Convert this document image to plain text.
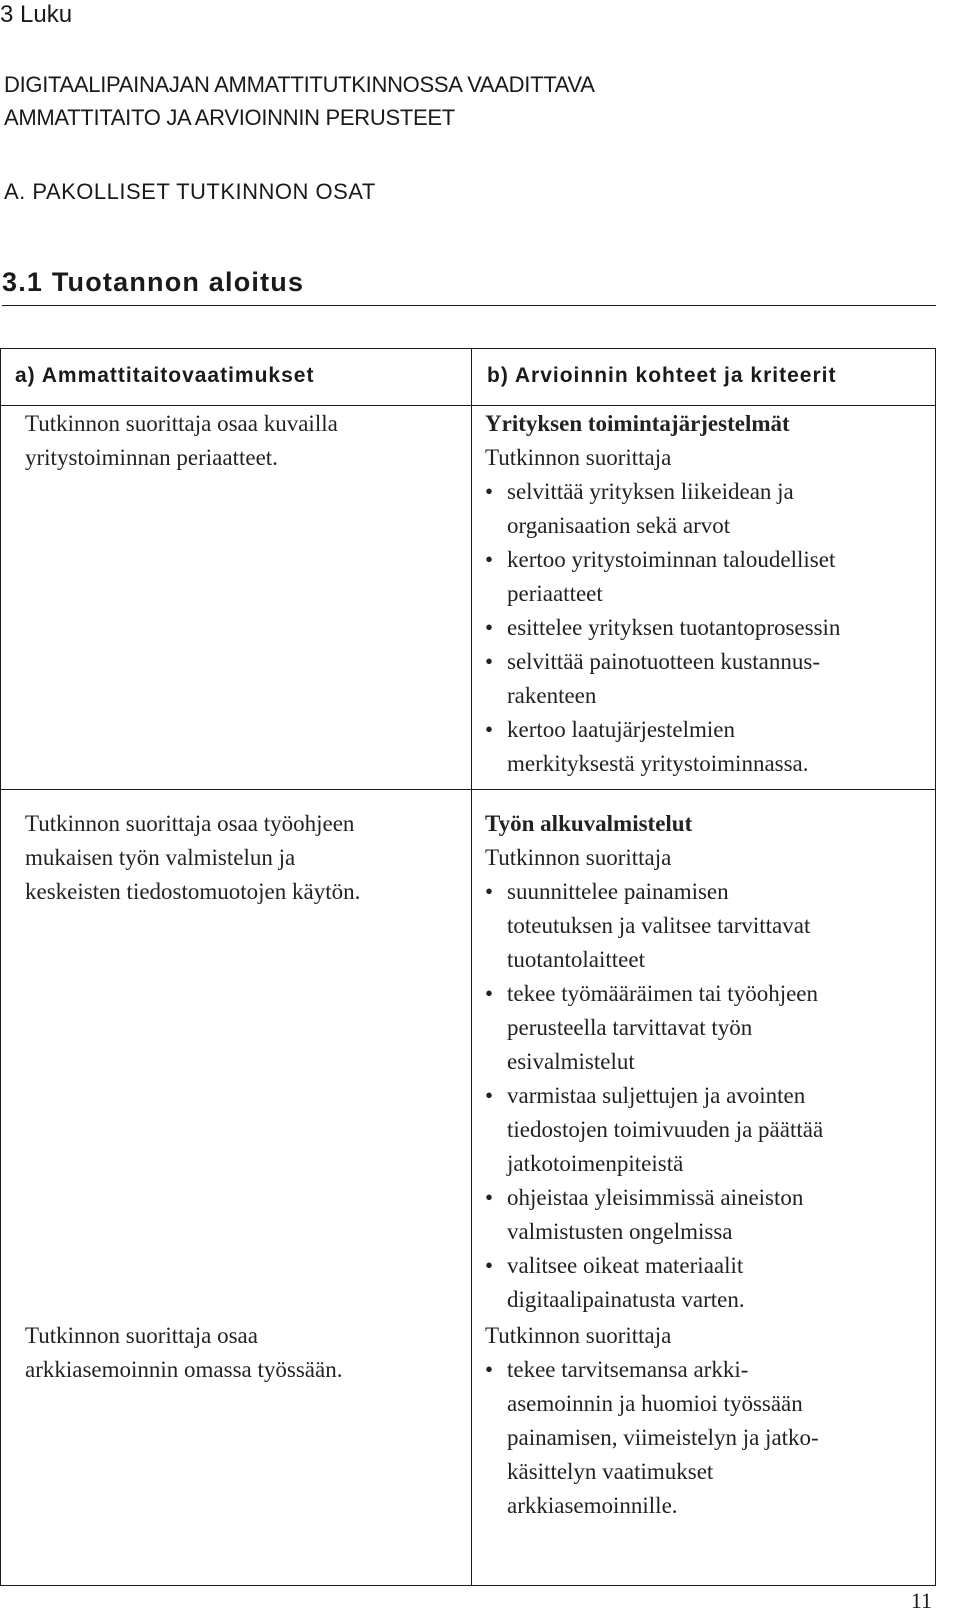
3 Luku
DIGITAALIPAINAJAN AMMATTITUTKINNOSSA VAADITTAVA
AMMATTITAITO JA ARVIOINNIN PERUSTEET
A. PAKOLLISET TUTKINNON OSAT
3.1 Tuotannon aloitus
a) Ammattitaitovaatimukset	b) Arvioinnin kohteet ja kriteerit
Tutkinnon suorittaja osaa kuvailla
yritystoiminnan periaatteet.
Yrityksen toimintajärjestelmät
Tutkinnon suorittaja
• selvittää yrityksen liikeidean ja
organisaation sekä arvot
• kertoo yritystoiminnan taloudelliset
periaatteet
• esittelee yrityksen tuotantoprosessin
• selvittää painotuotteen kustannus-
rakenteen
• kertoo laatujärjestelmien
merkityksestä yritystoiminnassa.
Tutkinnon suorittaja osaa työohjeen
mukaisen työn valmistelun ja
keskeisten tiedostomuotojen käytön.
Työn alkuvalmistelut
Tutkinnon suorittaja
• suunnittelee painamisen
toteutuksen ja valitsee tarvittavat
tuotantolaitteet
• tekee työmääräimen tai työohjeen
perusteella tarvittavat työn
esivalmistelut
• varmistaa suljettujen ja avointen
tiedostojen toimivuuden ja päättää
jatkotoimenpiteistä
• ohjeistaa yleisimmissä aineiston
valmistusten ongelmissa
• valitsee oikeat materiaalit
digitaalipainatusta varten.
Tutkinnon suorittaja osaa
arkkiasemoinnin omassa työssään.
Tutkinnon suorittaja
• tekee tarvitsemansa arkki-
asemoinnin ja huomioi työssään
painamisen, viimeistelyn ja jatko-
käsittelyn vaatimukset
arkkiasemoinnille.
11
